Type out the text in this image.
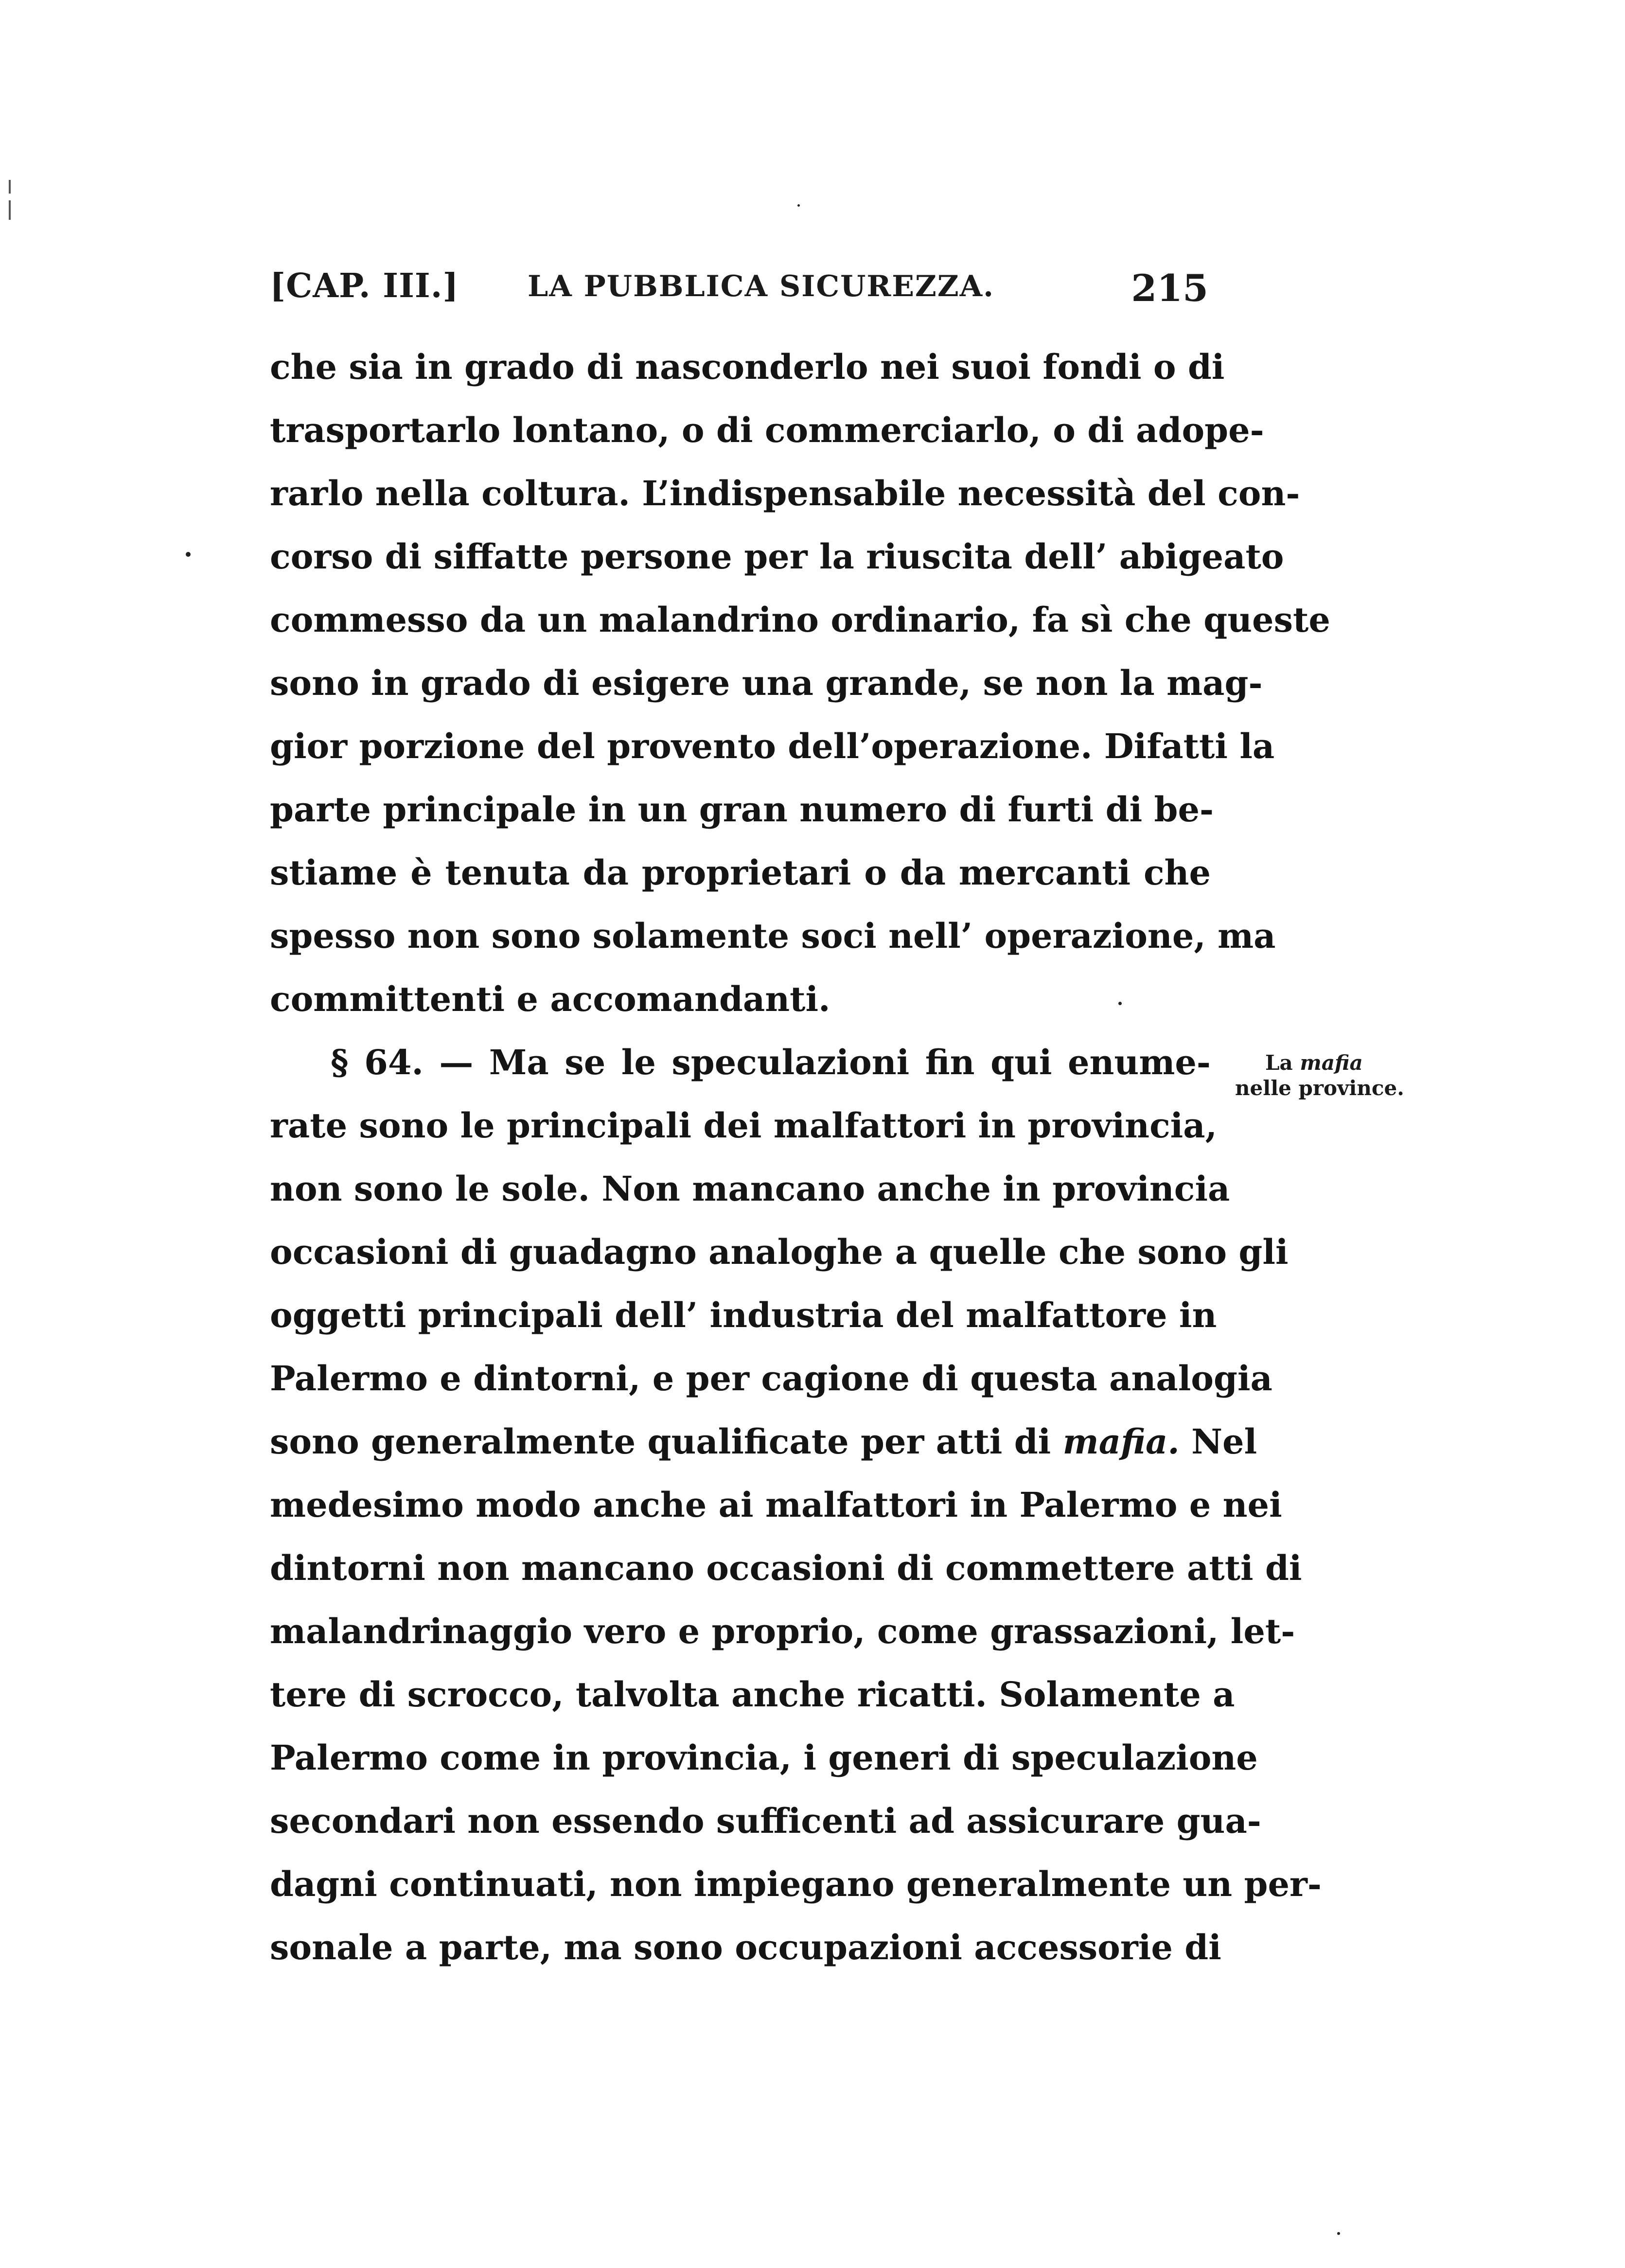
[CAP. III.] LA PUBBLICA SICUREZZA.	215
che sia in grado di nasconderlo nei suoi fondi o di
trasportarlo lontano, o di commerciarlo, o di adope-
rarlo nella coltura. L’indispensabile necessità del con-
corso di siffatte persone per la riuscita dell’ abigeato
commesso da un malandrino ordinario, fa sì che queste
sono in grado di esigere una grande, se non la mag-
gior porzione del provento dell’operazione. Difatti la
parte principale in un gran numero di furti di be-
stiame è tenuta da proprietari o da mercanti che
spesso non sono solamente soci nell’ operazione, ma
committenti e accomandanti.
§ 64. — Ma se le speculazioni fin qui enume-
rate sono le principali dei malfattori in provincia,
non sono le sole. Non mancano anche in provincia
occasioni di guadagno analoghe a quelle che sono gli
oggetti principali dell’ industria del malfattore in
Palermo e dintorni, e per cagione di questa analogia
sono generalmente qualificate per atti di mafia. Nel
medesimo modo anche ai malfattori in Palermo e nei
dintorni non mancano occasioni di commettere atti di
malandrinaggio vero e proprio, come grassazioni, let-
tere di scrocco, talvolta anche ricatti. Solamente a
Palermo come in provincia, i generi di speculazione
secondari non essendo sufficenti ad assicurare gua-
dagni continuati, non impiegano generalmente un per-
sonale a parte, ma sono occupazioni accessorie di
La mafia
nelle province.
